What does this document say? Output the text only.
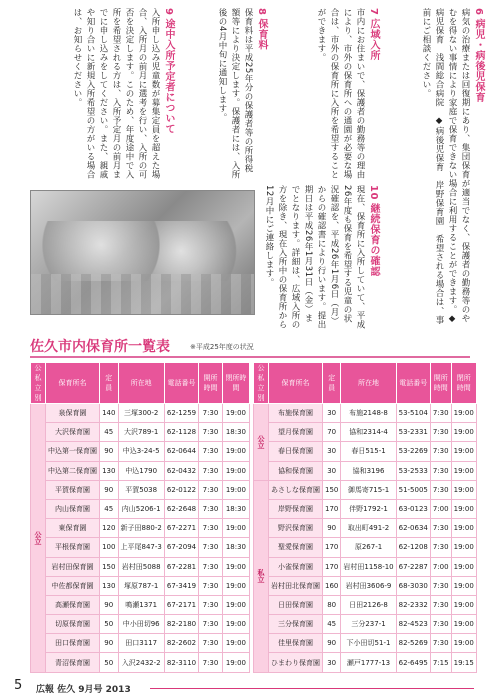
6 病児・病後児保育
病気の治療または回復期にあり、集団保育が適当でなく、保護者の勤務等のやむを得ない事情により家庭で保育できない場合に利用することができます。◆病児保育　浅間総合病院　◆病後児保育　岸野保育園　希望される場合は、事前にご相談ください。
7 広域入所
市内にお住まいで、保護者の勤務等の理由により、市外の保育所への通園が必要な場合は、市外の保育所に入所を希望することができます。
8 保育料
保育料は平成25年分の保護者等の所得税額等により決定します。保護者には、入所後の4月中旬に通知します。
9 途中入所予定者について
入所申し込み児童数が募集定員を超えた場合、入所月の前月に選考を行い、入所の可否を決定します。このため、年度途中で入所を希望される方は、入所予定月の前月までに申し込みをしてください。また、親戚や知り合いに新規入所希望の方がいる場合は、お知らせください。
10 継続保育の確認
現在、保育所に入所していて、平成26年度も保育を希望する児童の状況確認を、平成26年1月6日（月）からの確認書により行います。提出期日は平成26年1月31日（金）までとなります。詳細は、広域入所の方を除き、現在入所中の保育所から12月中にご連絡します。
佐久市内保育所一覧表	※平成25年度の状況
公私立別	保育所名	定員	所在地	電話番号	開所時間	閉所時間
公立	泉保育園	140	三塚300-2	62-1259	7:30	19:00
	大沢保育園	45	大沢789-1	62-1128	7:30	18:30
	中込第一保育園	90	中込3-24-5	62-0644	7:30	19:00
	中込第二保育園	130	中込1790	62-0432	7:30	19:00
	平賀保育園	90	平賀5038	62-0122	7:30	19:00
	内山保育園	45	内山5206-1	62-2648	7:30	18:30
	東保育園	120	新子田880-2	67-2271	7:30	19:00
	平根保育園	100	上平尾847-3	67-2094	7:30	18:30
	岩村田保育園	150	岩村田5088	67-2281	7:30	19:00
	中佐都保育園	130	塚原787-1	67-3419	7:30	19:00
	高瀬保育園	90	鳴瀬1371	67-2171	7:30	19:00
	切原保育園	50	中小田切96	82-2180	7:30	19:00
	田口保育園	90	田口3117	82-2602	7:30	19:00
	青沼保育園	50	入沢2432-2	82-3110	7:30	19:00
公私立別	保育所名	定員	所在地	電話番号	開所時間	閉所時間
公立	布施保育園	30	布施2148-8	53-5104	7:30	19:00
	望月保育園	70	協和2314-4	53-2331	7:30	19:00
	春日保育園	30	春日515-1	53-2269	7:30	19:00
	協和保育園	30	協和3196	53-2533	7:30	19:00
私立	あさしな保育園	150	御馬寄715-1	51-5005	7:30	19:00
	岸野保育園	170	伴野1792-1	63-0123	7:00	19:00
	野沢保育園	90	取出町491-2	62-0634	7:30	19:00
	聖愛保育園	170	原267-1	62-1208	7:30	19:00
	小雀保育園	170	岩村田1158-10	67-2287	7:00	19:00
	岩村田北保育園	160	岩村田3606-9	68-3030	7:30	19:00
	日田保育園	80	日田2126-8	82-2332	7:30	19:00
	三分保育園	45	三分237-1	82-4523	7:30	19:00
	佳里保育園	90	下小田切51-1	82-5269	7:30	19:00
	ひまわり保育園	30	瀬戸1777-13	62-6495	7:15	19:15
5 広報 佐久 9月号 2013
